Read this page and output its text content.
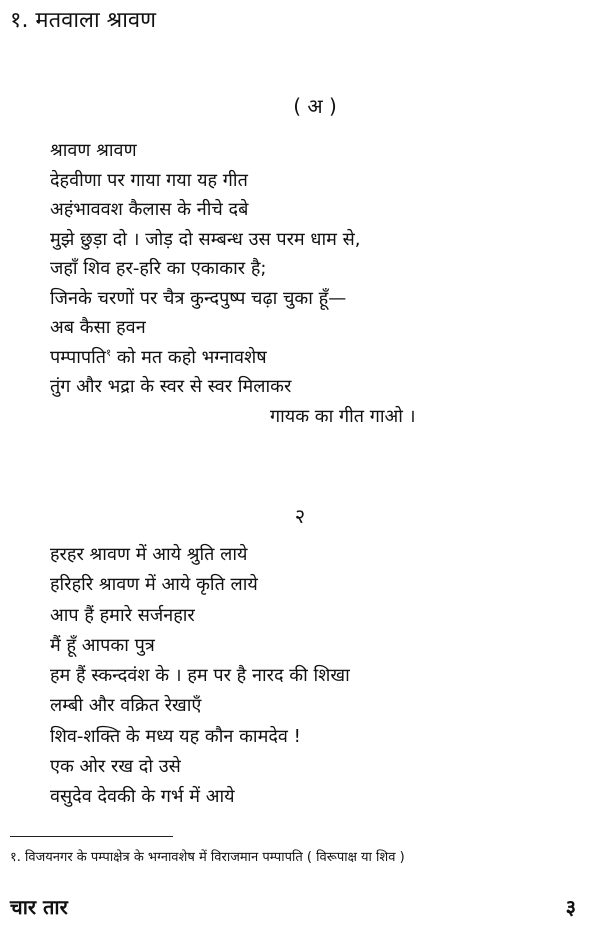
१. मतवाला श्रावण
( अ )
श्रावण श्रावण
देहवीणा पर गाया गया यह गीत
अहंभाववश कैलास के नीचे दबे
मुझे छुड़ा दो । जोड़ दो सम्बन्ध उस परम धाम से,
जहाँ शिव हर-हरि का एकाकार है;
जिनके चरणों पर चैत्र कुन्दपुष्प चढ़ा चुका हूँ—
अब कैसा हवन
पम्पापति$^१$ को मत कहो भग्नावशेष
तुंग और भद्रा के स्वर से स्वर मिलाकर
गायक का गीत गाओ ।
२
हरहर श्रावण में आये श्रुति लाये
हरिहरि श्रावण में आये कृति लाये
आप हैं हमारे सर्जनहार
मैं हूँ आपका पुत्र
हम हैं स्कन्दवंश के । हम पर है नारद की शिखा
लम्बी और वक्रित रेखाएँ
शिव-शक्ति के मध्य यह कौन कामदेव !
एक ओर रख दो उसे
वसुदेव देवकी के गर्भ में आये
१. विजयनगर के पम्पाक्षेत्र के भग्नावशेष में विराजमान पम्पापति ( विरूपाक्ष या शिव )
चार तार	३
